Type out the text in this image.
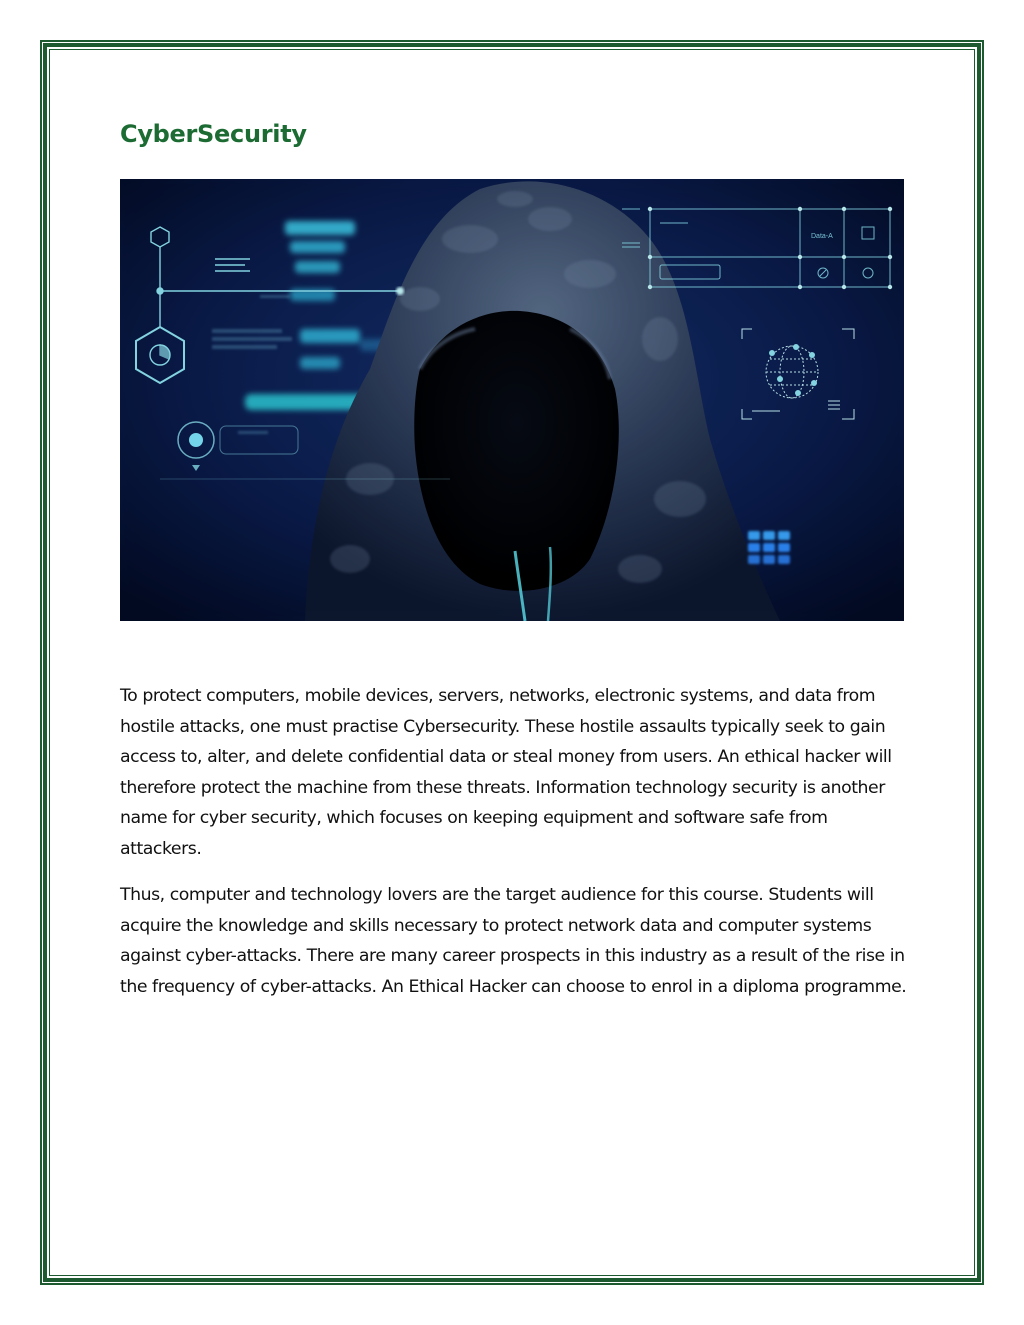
CyberSecurity
Data-A

To protect computers, mobile devices, servers, networks, electronic systems, and data from hostile attacks, one must practise Cybersecurity. These hostile assaults typically seek to gain access to, alter, and delete confidential data or steal money from users. An ethical hacker will therefore protect the machine from these threats. Information technology security is another name for cyber security, which focuses on keeping equipment and software safe from attackers.

Thus, computer and technology lovers are the target audience for this course. Students will acquire the knowledge and skills necessary to protect network data and computer systems against cyber-attacks. There are many career prospects in this industry as a result of the rise in the frequency of cyber-attacks. An Ethical Hacker can choose to enrol in a diploma programme.
